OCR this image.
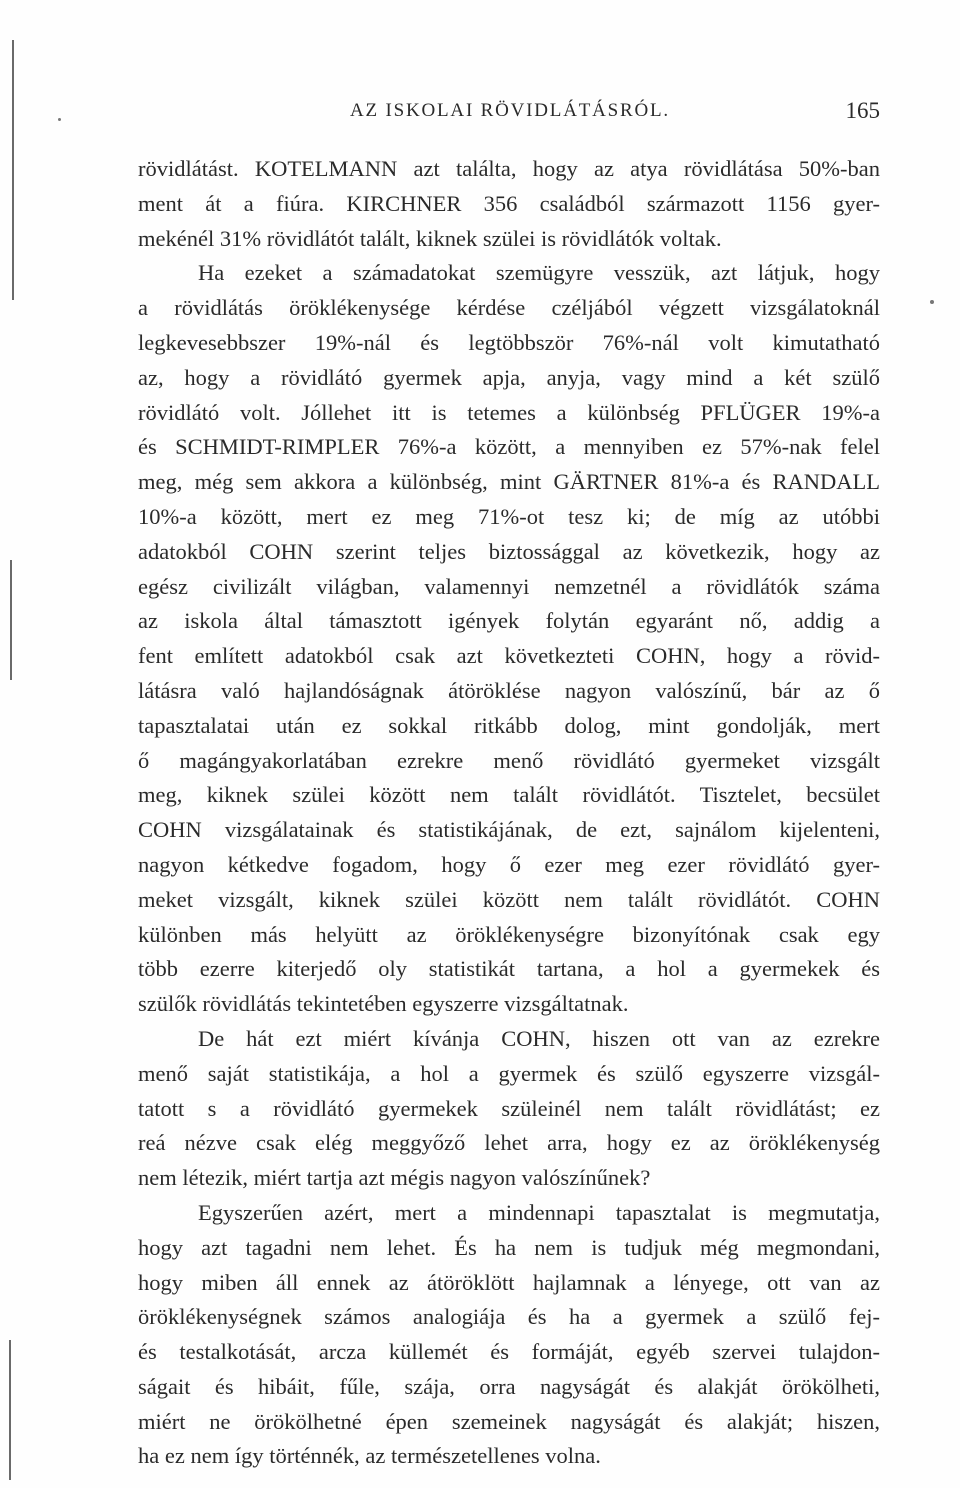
AZ ISKOLAI RÖVIDLÁTÁSRÓL.	165
rövidlátást. KOTELMANN azt találta, hogy az atya rövidlátása 50%-ban
ment át a fiúra. KIRCHNER 356 családból származott 1156 gyer-
mekénél 31% rövidlátót talált, kiknek szülei is rövidlátók voltak.
Ha ezeket a számadatokat szemügyre vesszük, azt látjuk, hogy
a rövidlátás öröklékenysége kérdése czéljából végzett vizsgálatoknál
legkevesebbszer 19%-nál és legtöbbször 76%-nál volt kimutatható
az, hogy a rövidlátó gyermek apja, anyja, vagy mind a két szülő
rövidlátó volt. Jóllehet itt is tetemes a különbség PFLÜGER 19%-a
és SCHMIDT-RIMPLER 76%-a között, a mennyiben ez 57%-nak felel
meg, még sem akkora a különbség, mint GÄRTNER 81%-a és RANDALL
10%-a között, mert ez meg 71%-ot tesz ki; de míg az utóbbi
adatokból COHN szerint teljes biztossággal az következik, hogy az
egész civilizált világban, valamennyi nemzetnél a rövidlátók száma
az iskola által támasztott igények folytán egyaránt nő, addig a
fent említett adatokból csak azt következteti COHN, hogy a rövid-
látásra való hajlandóságnak átöröklése nagyon valószínű, bár az ő
tapasztalatai után ez sokkal ritkább dolog, mint gondolják, mert
ő magángyakorlatában ezrekre menő rövidlátó gyermeket vizsgált
meg, kiknek szülei között nem talált rövidlátót. Tisztelet, becsület
COHN vizsgálatainak és statistikájának, de ezt, sajnálom kijelenteni,
nagyon kétkedve fogadom, hogy ő ezer meg ezer rövidlátó gyer-
meket vizsgált, kiknek szülei között nem talált rövidlátót. COHN
különben más helyütt az öröklékenységre bizonyítónak csak egy
több ezerre kiterjedő oly statistikát tartana, a hol a gyermekek és
szülők rövidlátás tekintetében egyszerre vizsgáltatnak.
De hát ezt miért kívánja COHN, hiszen ott van az ezrekre
menő saját statistikája, a hol a gyermek és szülő egyszerre vizsgál-
tatott s a rövidlátó gyermekek szüleinél nem talált rövidlátást; ez
reá nézve csak elég meggyőző lehet arra, hogy ez az öröklékenység
nem létezik, miért tartja azt mégis nagyon valószínűnek?
Egyszerűen azért, mert a mindennapi tapasztalat is megmutatja,
hogy azt tagadni nem lehet. És ha nem is tudjuk még megmondani,
hogy miben áll ennek az átöröklött hajlamnak a lényege, ott van az
öröklékenységnek számos analogiája és ha a gyermek a szülő fej-
és testalkotását, arcza küllemét és formáját, egyéb szervei tulajdon-
ságait és hibáit, fűle, szája, orra nagyságát és alakját örökölheti,
miért ne örökölhetné épen szemeinek nagyságát és alakját; hiszen,
ha ez nem így történnék, az természetellenes volna.
